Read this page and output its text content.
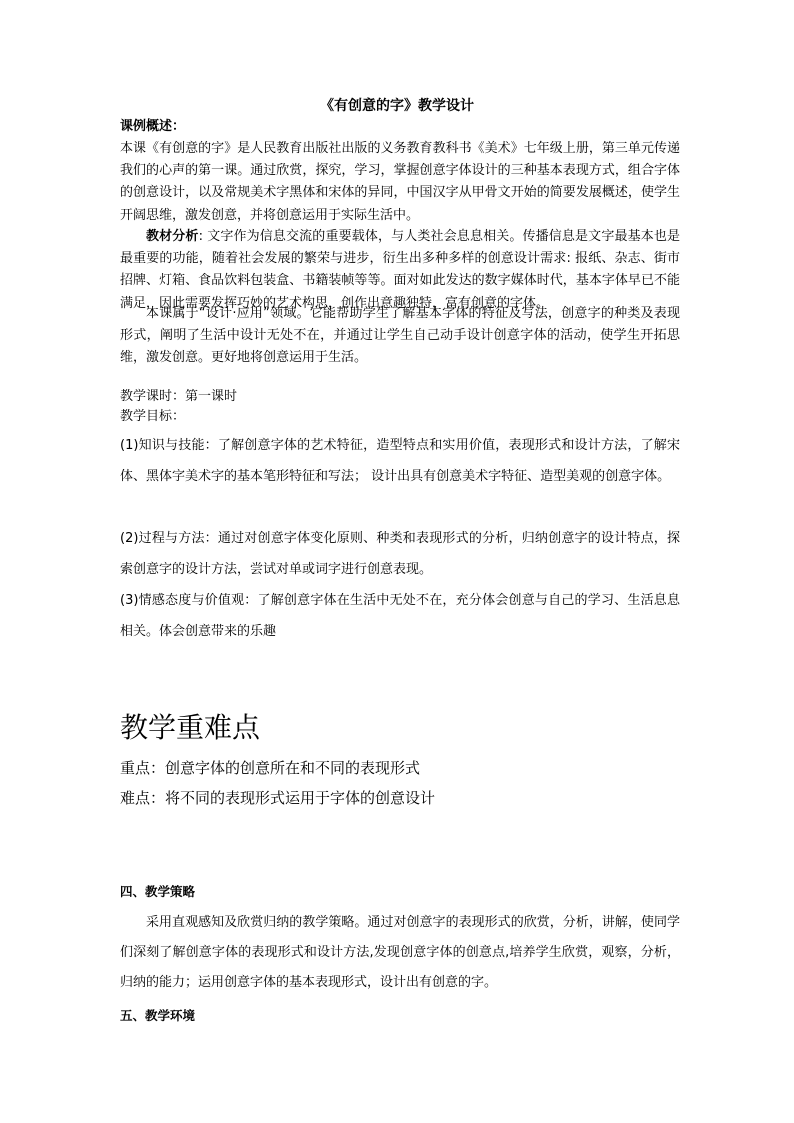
《有创意的字》教学设计
课例概述：
本课《有创意的字》是人民教育出版社出版的义务教育教科书《美术》七年级上册，第三单元传递我们的心声的第一课。通过欣赏，探究，学习，掌握创意字体设计的三种基本表现方式，组合字体的创意设计，以及常规美术字黑体和宋体的异同，中国汉字从甲骨文开始的简要发展概述，使学生开阔思维，激发创意，并将创意运用于实际生活中。
教材分析: 文字作为信息交流的重要载体，与人类社会息息相关。传播信息是文字最基本也是最重要的功能，随着社会发展的繁荣与进步，衍生出多种多样的创意设计需求: 报纸、杂志、街市招牌、灯箱、食品饮料包装盒、书籍装帧等等。面对如此发达的数字媒体时代，基本字体早已不能满足，因此需要发挥巧妙的艺术构思，创作出意趣独特，富有创意的字体。
本课属于“设计·应用”领域。它能帮助学生了解基本字体的特征及写法，创意字的种类及表现形式，阐明了生活中设计无处不在，并通过让学生自己动手设计创意字体的活动，使学生开拓思维，激发创意。更好地将创意运用于生活。
教学课时：第一课时
教学目标：
(1)知识与技能：了解创意字体的艺术特征，造型特点和实用价值，表现形式和设计方法，了解宋体、黑体字美术字的基本笔形特征和写法； 设计出具有创意美术字特征、造型美观的创意字体。
(2)过程与方法：通过对创意字体变化原则、种类和表现形式的分析，归纳创意字的设计特点，探索创意字的设计方法，尝试对单或词字进行创意表现。
(3)情感态度与价值观：了解创意字体在生活中无处不在，充分体会创意与自己的学习、生活息息相关。体会创意带来的乐趣
教学重难点
重点：创意字体的创意所在和不同的表现形式
难点：将不同的表现形式运用于字体的创意设计
四、教学策略
采用直观感知及欣赏归纳的教学策略。通过对创意字的表现形式的欣赏，分析，讲解，使同学们深刻了解创意字体的表现形式和设计方法,发现创意字体的创意点,培养学生欣赏，观察，分析，归纳的能力；运用创意字体的基本表现形式，设计出有创意的字。
五、教学环境
